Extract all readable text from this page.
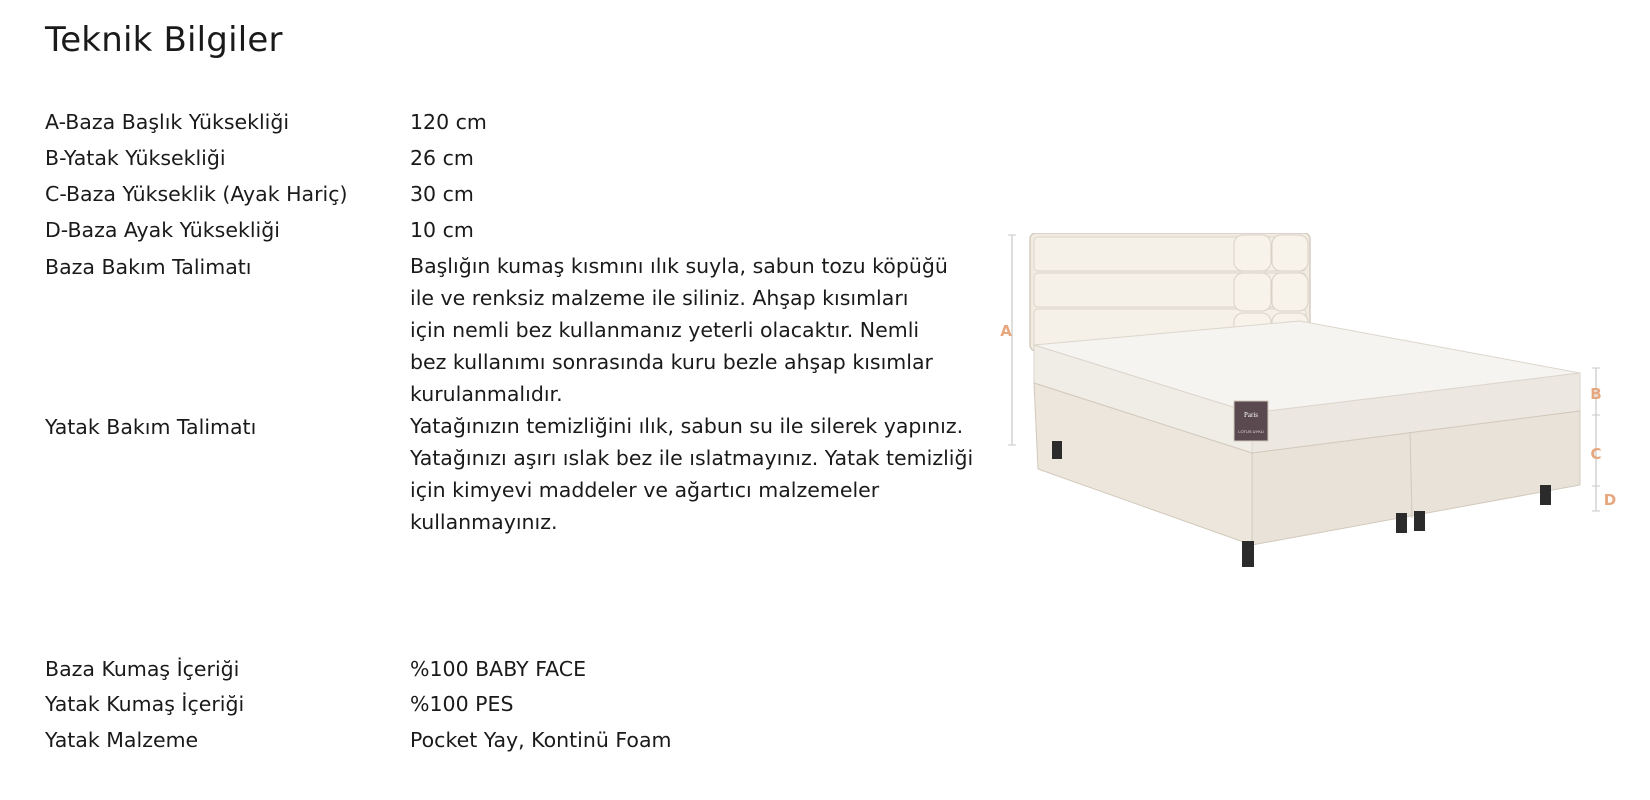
Teknik Bilgiler
A-Baza Başlık Yüksekliği	120 cm
B-Yatak Yüksekliği	26 cm
C-Baza Yükseklik (Ayak Hariç)	30 cm
D-Baza Ayak Yüksekliği	10 cm
Baza Bakım Talimatı	Başlığın kumaş kısmını ılık suyla, sabun tozu köpüğü
ile ve renksiz malzeme ile siliniz. Ahşap kısımları
için nemli bez kullanmanız yeterli olacaktır. Nemli
bez kullanımı sonrasında kuru bezle ahşap kısımlar
kurulanmalıdır.
Yatak Bakım Talimatı	Yatağınızın temizliğini ılık, sabun su ile silerek yapınız.
Yatağınızı aşırı ıslak bez ile ıslatmayınız. Yatak temizliği
için kimyevi maddeler ve ağartıcı malzemeler
kullanmayınız.
Baza Kumaş İçeriği	%100 BABY FACE
Yatak Kumaş İçeriği	%100 PES
Yatak Malzeme	Pocket Yay, Kontinü Foam
A
B
C
D
Paris
LOTUS UYKU
